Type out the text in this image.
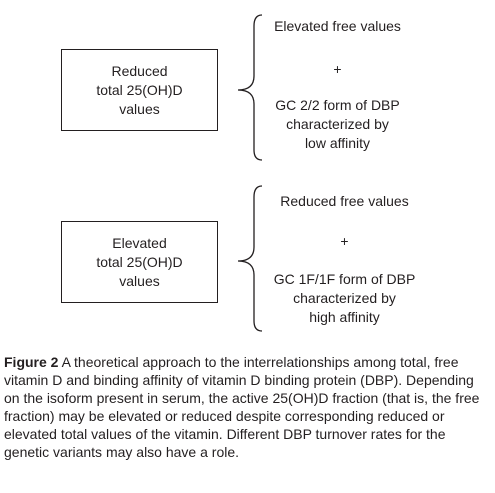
Reduced
total 25(OH)D
values
Elevated free values
+
GC 2/2 form of DBP
characterized by
low affinity
Elevated
total 25(OH)D
values
Reduced free values
+
GC 1F/1F form of DBP
characterized by
high affinity
Figure 2 A theoretical approach to the interrelationships among total, free vitamin D and binding affinity of vitamin D binding protein (DBP). Depending on the isoform present in serum, the active 25(OH)D fraction (that is, the free fraction) may be elevated or reduced despite corresponding reduced or elevated total values of the vitamin. Different DBP turnover rates for the genetic variants may also have a role.
